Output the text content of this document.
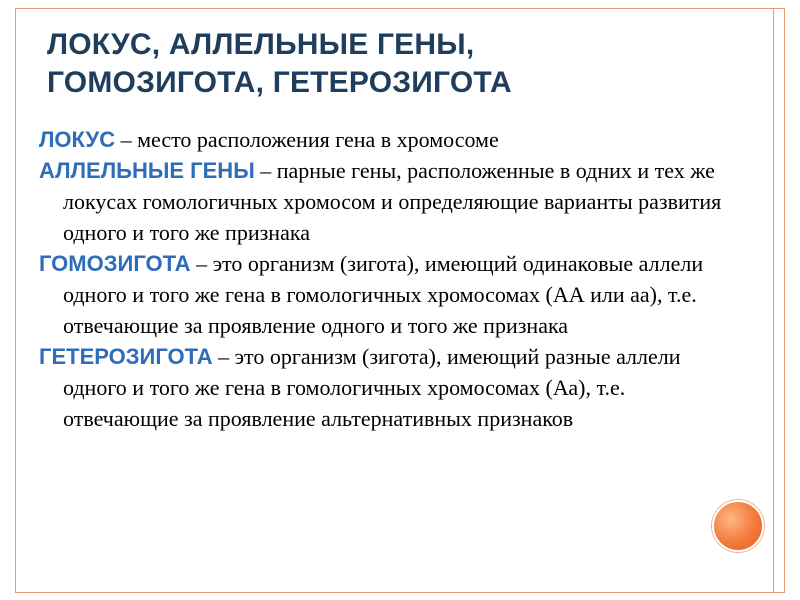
ЛОКУС, АЛЛЕЛЬНЫЕ ГЕНЫ,
ГОМОЗИГОТА, ГЕТЕРОЗИГОТА

ЛОКУС – место расположения гена в хромосоме

АЛЛЕЛЬНЫЕ ГЕНЫ – парные гены, расположенные в одних и тех же локусах гомологичных хромосом и определяющие варианты развития одного и того же признака

ГОМОЗИГОТА – это организм (зигота), имеющий одинаковые аллели одного и того же гена в гомологичных хромосомах (АА или аа), т.е. отвечающие за проявление одного и того же признака

ГЕТЕРОЗИГОТА – это организм (зигота), имеющий разные аллели одного и того же гена в гомологичных хромосомах (Аа), т.е. отвечающие за проявление альтернативных признаков
